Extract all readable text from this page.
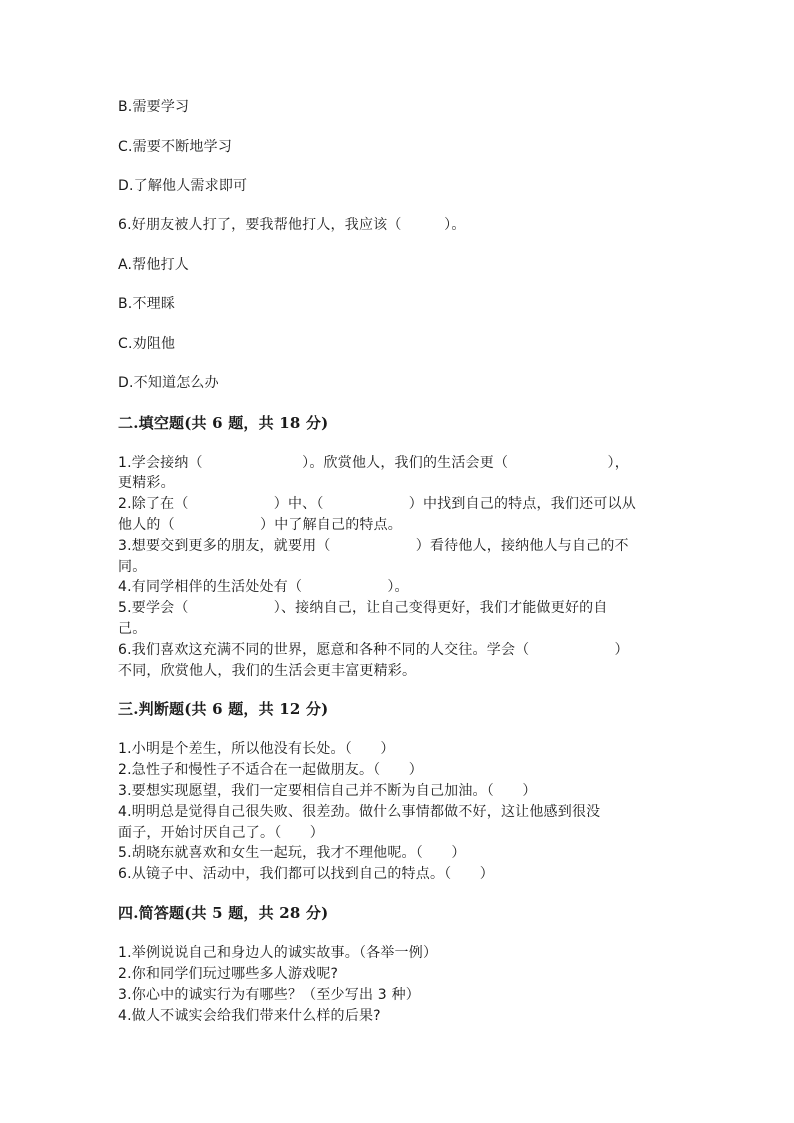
B.需要学习
C.需要不断地学习
D.了解他人需求即可
6.好朋友被人打了，要我帮他打人，我应该（　　　）。
A.帮他打人
B.不理睬
C.劝阻他
D.不知道怎么办
二.填空题(共 6 题，共 18 分)
1.学会接纳（　　　　　　　）。欣赏他人，我们的生活会更（　　　　　　　），
更精彩。
2.除了在（　　　　　　）中、（　　　　　　）中找到自己的特点，我们还可以从
他人的（　　　　　　）中了解自己的特点。
3.想要交到更多的朋友，就要用（　　　　　　）看待他人，接纳他人与自己的不
同。
4.有同学相伴的生活处处有（　　　　　　）。
5.要学会（　　　　　　）、接纳自己，让自己变得更好，我们才能做更好的自
己。
6.我们喜欢这充满不同的世界，愿意和各种不同的人交往。学会（　　　　　　）
不同，欣赏他人，我们的生活会更丰富更精彩。
三.判断题(共 6 题，共 12 分)
1.小明是个差生，所以他没有长处。（　　）
2.急性子和慢性子不适合在一起做朋友。（　　）
3.要想实现愿望，我们一定要相信自己并不断为自己加油。（　　）
4.明明总是觉得自己很失败、很差劲。做什么事情都做不好，这让他感到很没
面子，开始讨厌自己了。（　　）
5.胡晓东就喜欢和女生一起玩，我才不理他呢。（　　）
6.从镜子中、活动中，我们都可以找到自己的特点。（　　）
四.简答题(共 5 题，共 28 分)
1.举例说说自己和身边人的诚实故事。（各举一例）
2.你和同学们玩过哪些多人游戏呢?
3.你心中的诚实行为有哪些？（至少写出 3 种）
4.做人不诚实会给我们带来什么样的后果?
